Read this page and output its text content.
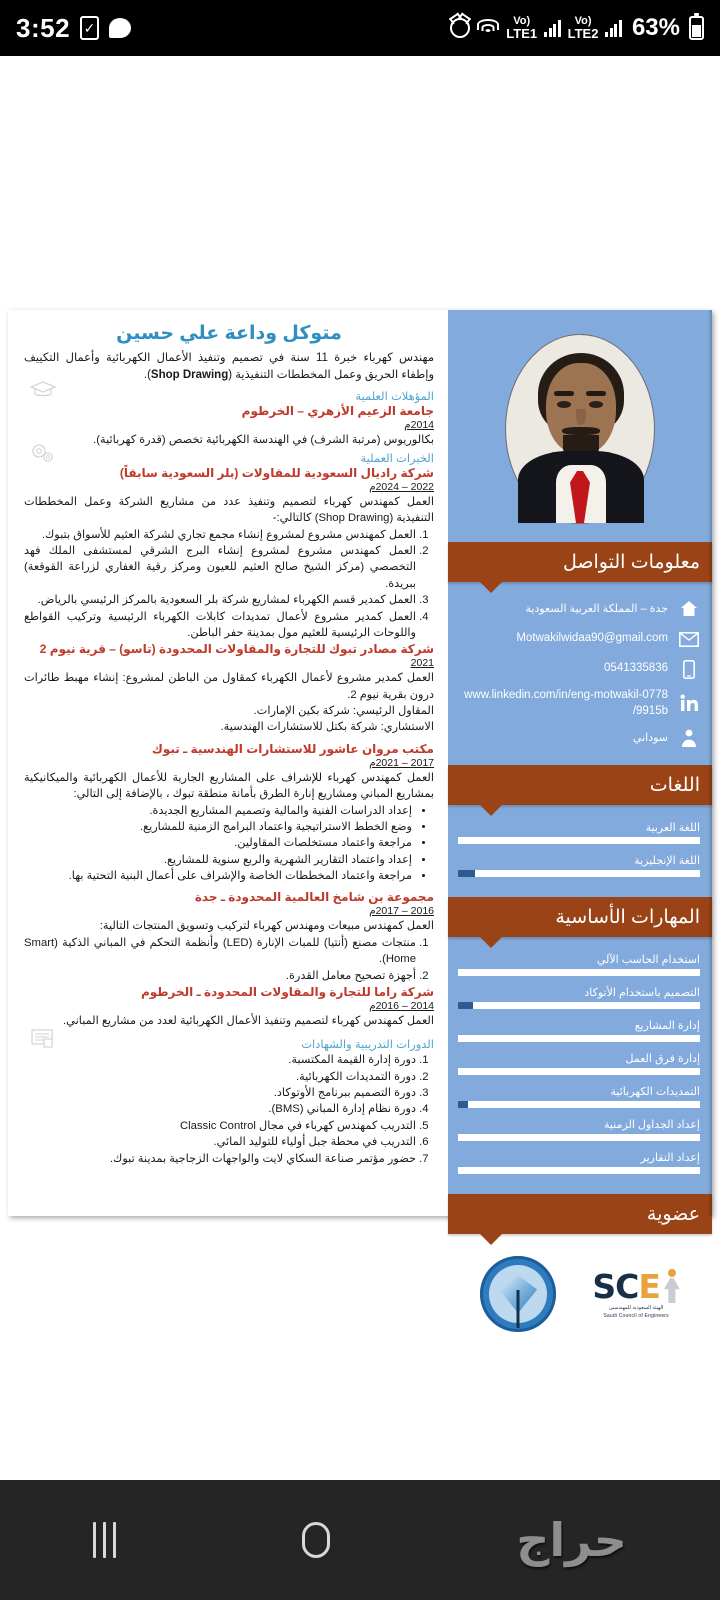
3:52 ✓	Vo)
LTE1
Vo)
LTE2 63%
متوكل وداعة علي حسين

مهندس كهرباء خبرة 11 سنة في تصميم وتنفيذ الأعمال الكهربائية وأعمال التكييف وإطفاء الحريق وعمل المخططات التنفيذية (Shop Drawing).

المؤهلات العلمية
جامعة الزعيم الأزهري – الخرطوم
2014م
بكالوريوس (مرتبة الشرف) في الهندسة الكهربائية تخصص (قدرة كهربائية).
الخبرات العملية
شركة راديال السعودية للمقاولات (بلر السعودية سابقاً)
2022 – 2024م
العمل كمهندس كهرباء لتصميم وتنفيذ عدد من مشاريع الشركة وعمل المخططات التنفيذية (Shop Drawing) كالتالي:-
1. العمل كمهندس مشروع لمشروع إنشاء مجمع تجاري لشركة العثيم للأسواق بتبوك.
2. العمل كمهندس مشروع لمشروع إنشاء البرج الشرقي لمستشفى الملك فهد التخصصي (مركز الشيخ صالح العثيم للعيون ومركز رقية الغفاري لزراعة القوقعة) ببريدة.
3. العمل كمدير قسم الكهرباء لمشاريع شركة بلر السعودية بالمركز الرئيسي بالرياض.
4. العمل كمدير مشروع لأعمال تمديدات كابلات الكهرباء الرئيسية وتركيب القواطع واللوحات الرئيسية للعثيم مول بمدينة حفر الباطن.
شركة مصادر تبوك للتجارة والمقاولات المحدودة (تاسو) – قرية نيوم 2
2021
العمل كمدير مشروع لأعمال الكهرباء كمقاول من الباطن لمشروع: إنشاء مهبط طائرات درون بقرية نيوم 2.
المقاول الرئيسي: شركة بكين الإمارات.
الاستشاري: شركة بكتل للاستشارات الهندسية.
مكتب مروان عاشور للاستشارات الهندسية ـ تبوك
2017 – 2021م
العمل كمهندس كهرباء للإشراف على المشاريع الجارية للأعمال الكهربائية والميكانيكية بمشاريع المباني ومشاريع إنارة الطرق بأمانة منطقة تبوك ، بالإضافة إلى التالي:
• إعداد الدراسات الفنية والمالية وتصميم المشاريع الجديدة.
• وضع الخطط الاستراتيجية واعتماد البرامج الزمنية للمشاريع.
• مراجعة واعتماد مستخلصات المقاولين.
• إعداد واعتماد التقارير الشهرية والربع سنوية للمشاريع.
• مراجعة واعتماد المخططات الخاصة والإشراف على أعمال البنية التحتية بها.
مجموعة بن شامخ العالمية المحدودة ـ جدة
2016 – 2017م
العمل كمهندس مبيعات ومهندس كهرباء لتركيب وتسويق المنتجات التالية:
1. منتجات مصنع (أنتيا) للمبات الإنارة (LED) وأنظمة التحكم في المباني الذكية (Smart Home).
2. أجهزة تصحيح معامل القدرة.
شركة راما للتجارة والمقاولات المحدودة ـ الخرطوم
2014 – 2016م
العمل كمهندس كهرباء لتصميم وتنفيذ الأعمال الكهربائية لعدد من مشاريع المباني.
الدورات التدريبية والشهادات
1. دورة إدارة القيمة المكتسبة.
2. دورة التمديدات الكهربائية.
3. دورة التصميم ببرنامج الأوتوكاد.
4. دورة نظام إدارة المباني (BMS).
5. التدريب كمهندس كهرباء في مجال Classic Control
6. التدريب في محطة جبل أولياء للتوليد المائي.
7. حضور مؤتمر صناعة السكاي لايت والواجهات الزجاجية بمدينة تبوك.
معلومات التواصل
جدة – المملكة العربية السعودية
Motwakilwidaa90@gmail.com
0541335836
www.linkedin.com/in/eng-motwakil-07789915b/
سوداني
اللغات
اللغة العربية
اللغة الإنجليزية
المهارات الأساسية
استخدام الحاسب الآلي
التصميم باستخدام الأتوكاد
إدارة المشاريع
إدارة فرق العمل
التمديدات الكهربائية
إعداد الجداول الزمنية
إعداد التقارير
عضوية
SCE
الهيئة السعودية للمهندسين
Saudi Council of Engineers
حراج
